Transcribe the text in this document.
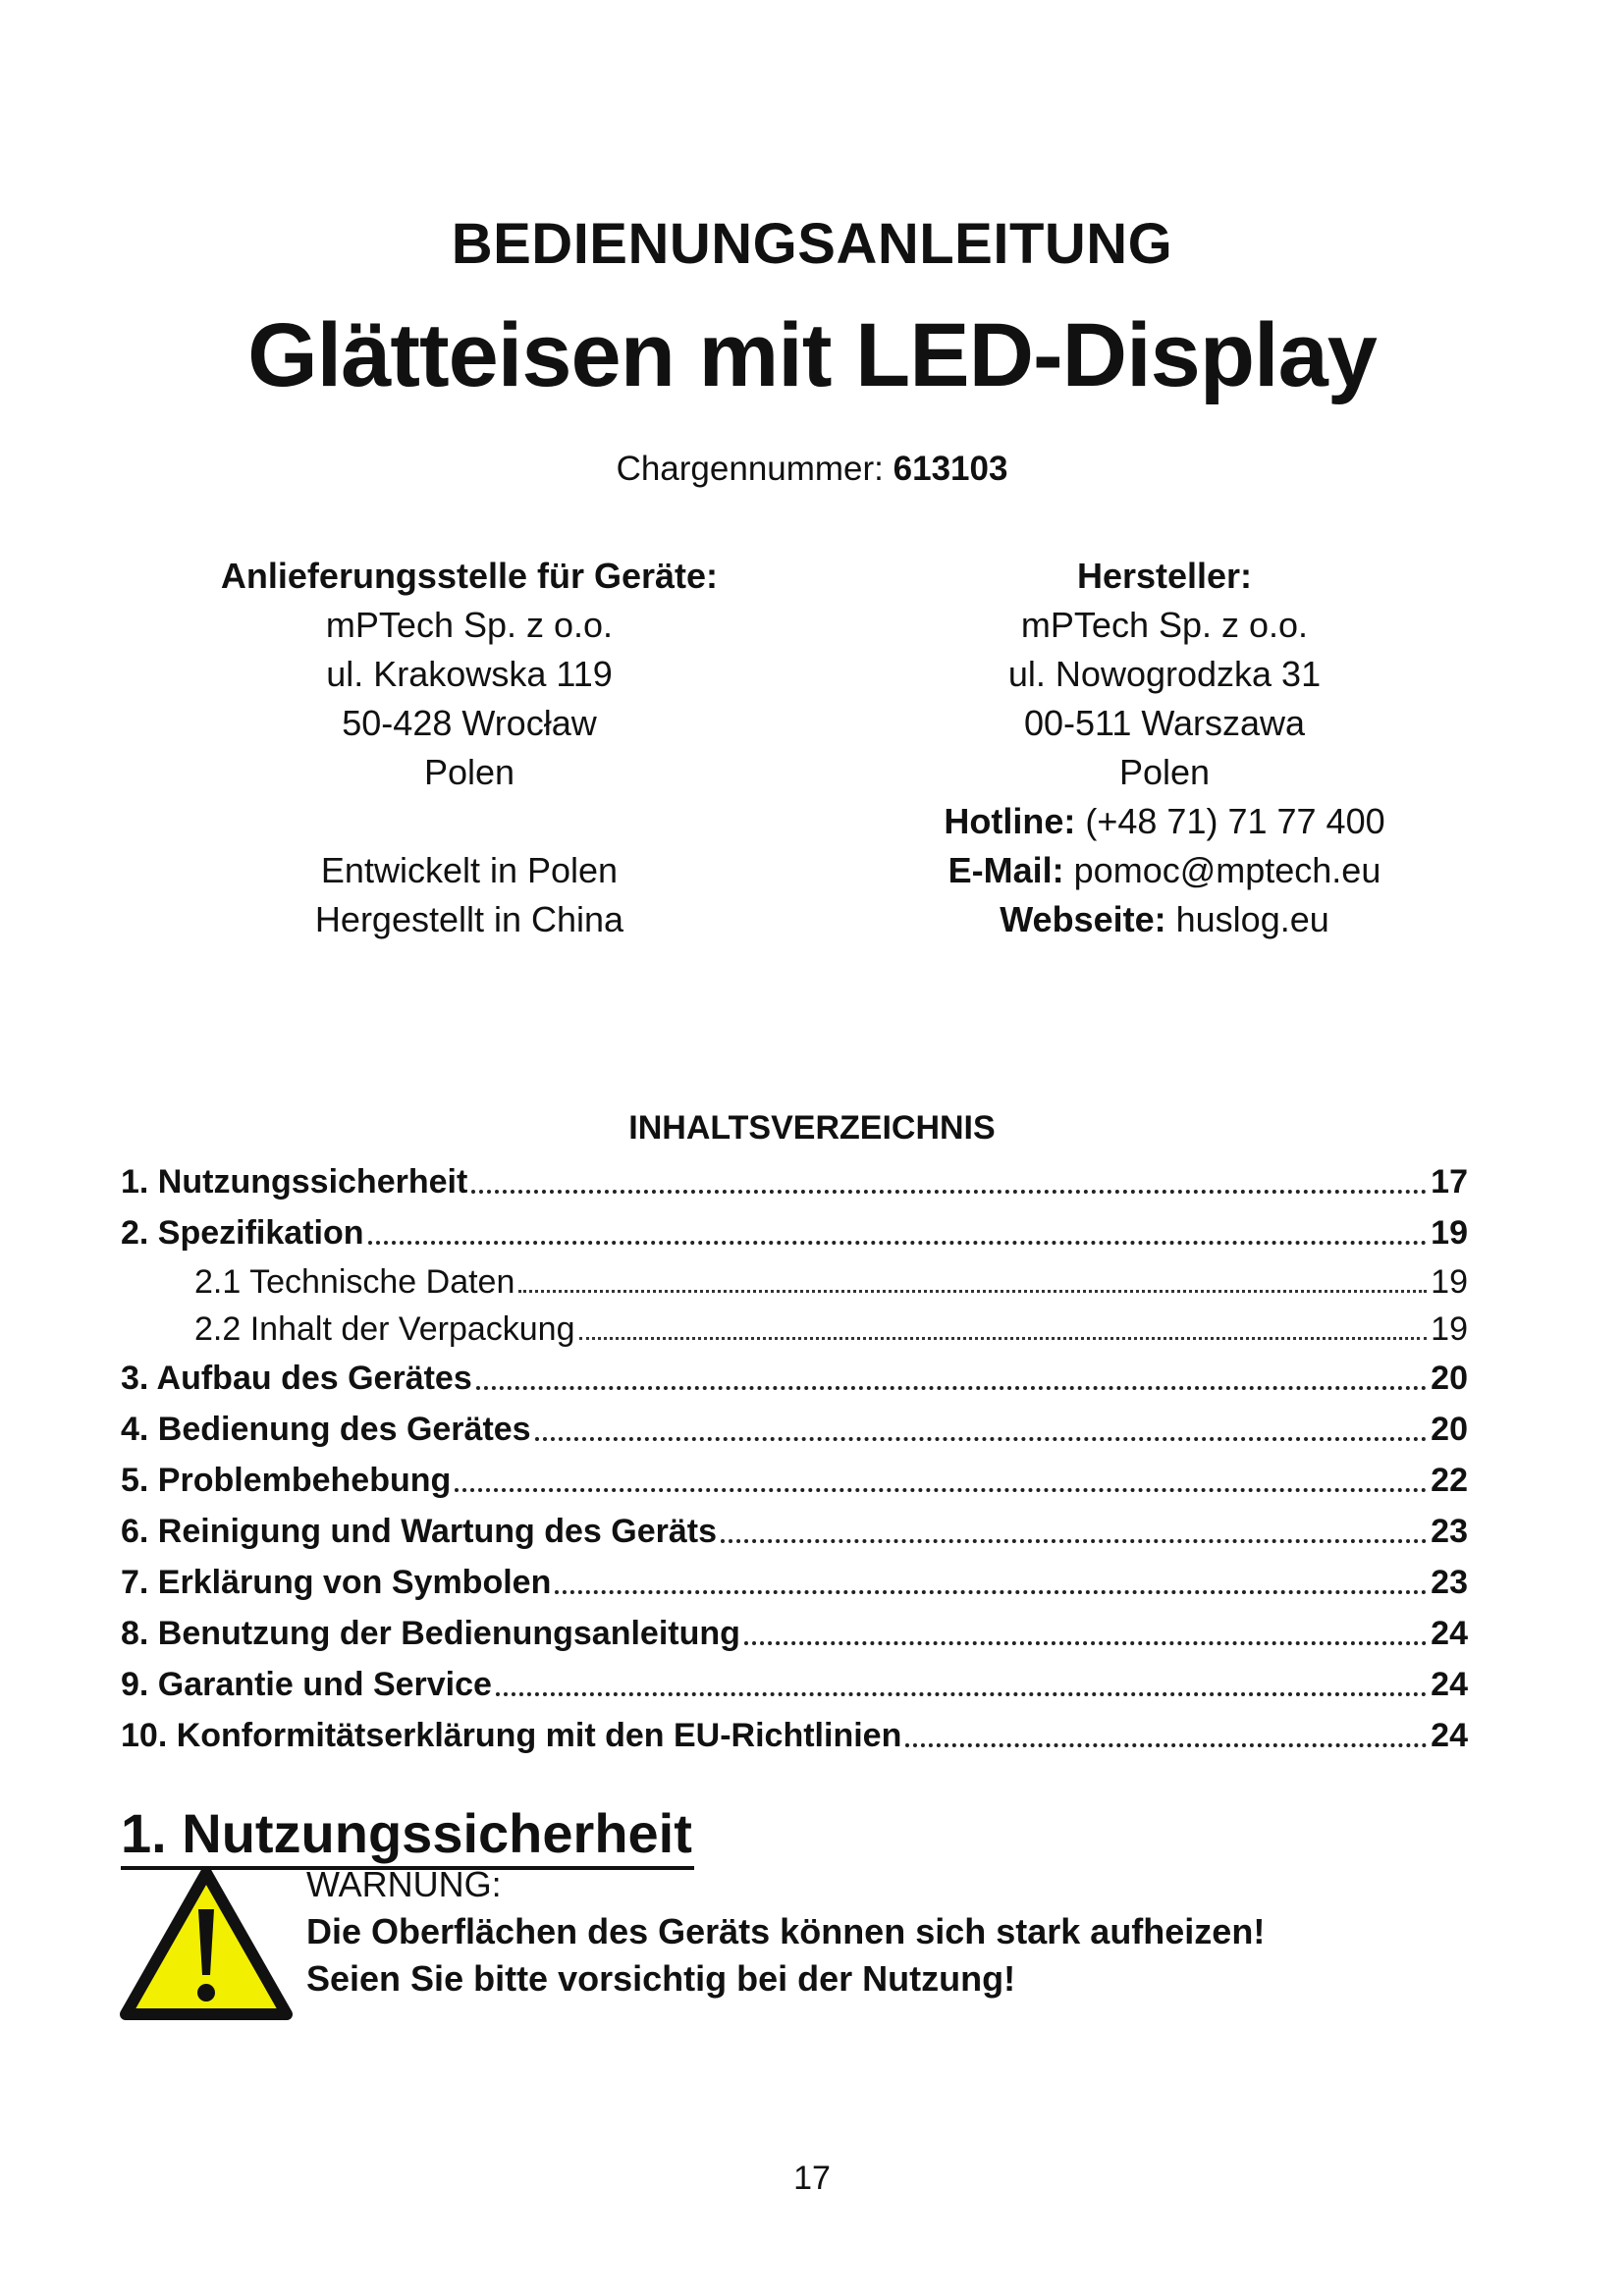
BEDIENUNGSANLEITUNG
Glätteisen mit LED-Display
Chargennummer: 613103
Anlieferungsstelle für Geräte:
mPTech Sp. z o.o.
ul. Krakowska 119
50-428 Wrocław
Polen
Entwickelt in Polen
Hergestellt in China
Hersteller:
mPTech Sp. z o.o.
ul. Nowogrodzka 31
00-511 Warszawa
Polen
Hotline: (+48 71) 71 77 400
E-Mail: pomoc@mptech.eu
Webseite: huslog.eu
INHALTSVERZEICHNIS
1. Nutzungssicherheit	17
2. Spezifikation	19
2.1 Technische Daten	19
2.2 Inhalt der Verpackung	19
3. Aufbau des Gerätes	20
4. Bedienung des Gerätes	20
5. Problembehebung	22
6. Reinigung und Wartung des Geräts	23
7. Erklärung von Symbolen	23
8. Benutzung der Bedienungsanleitung	24
9. Garantie und Service	24
10. Konformitätserklärung mit den EU-Richtlinien	24
1. Nutzungssicherheit
WARNUNG:
Die Oberflächen des Geräts können sich stark aufheizen!
Seien Sie bitte vorsichtig bei der Nutzung!
17
